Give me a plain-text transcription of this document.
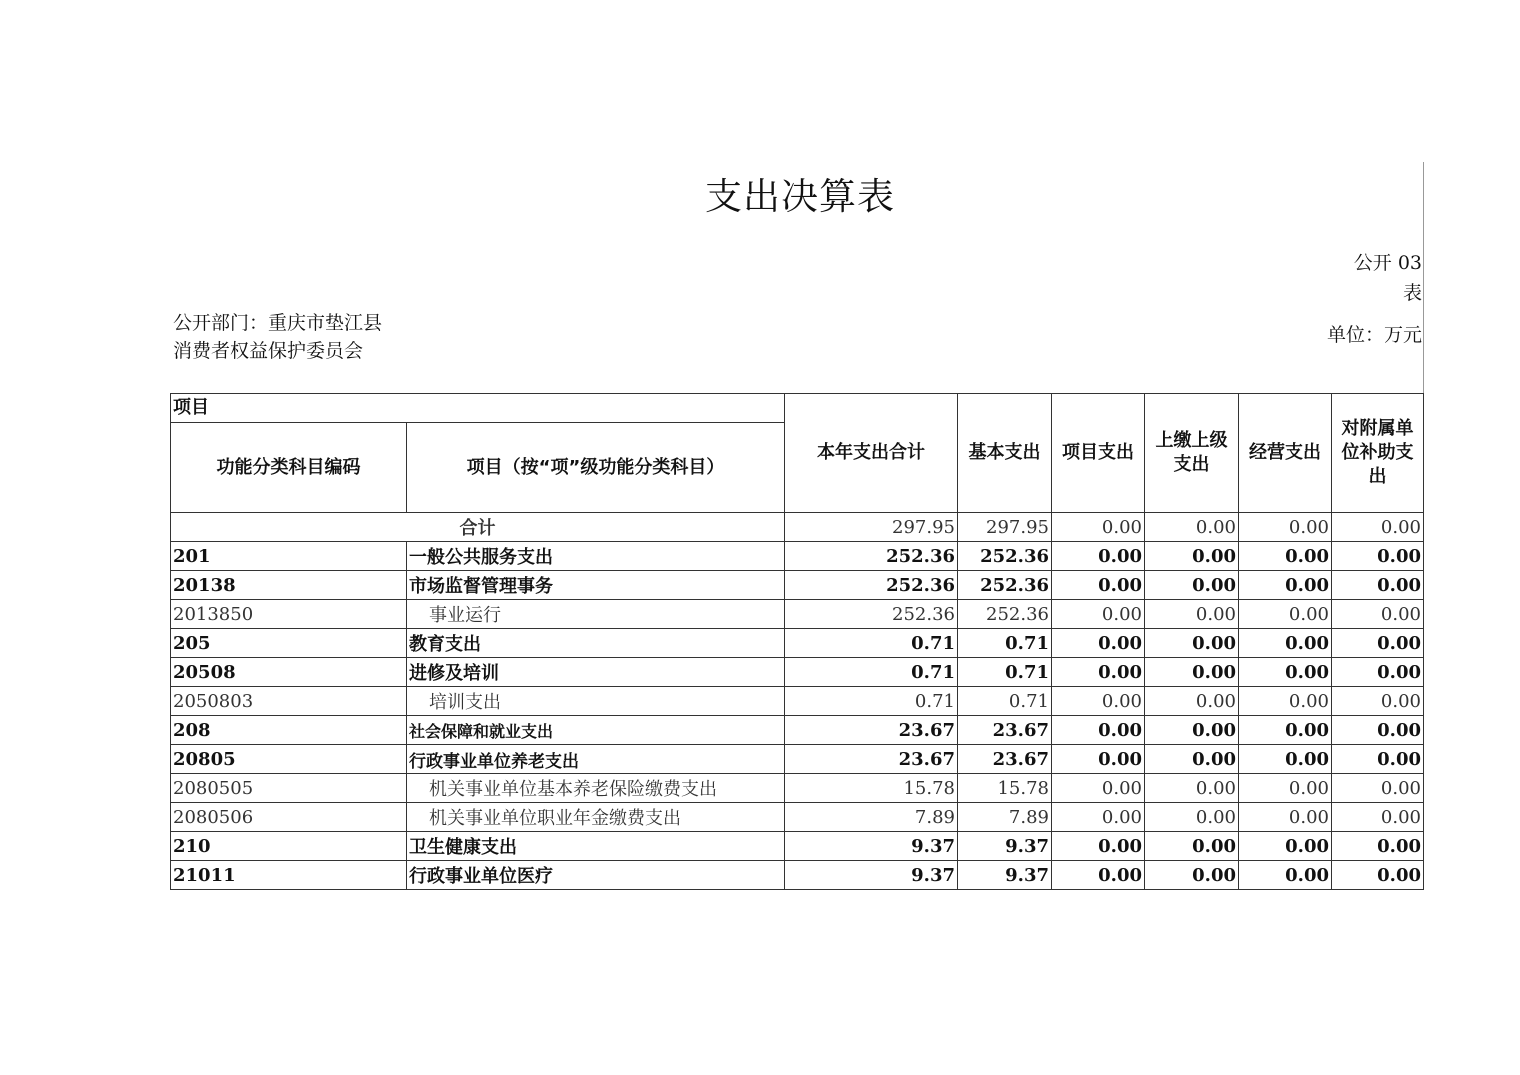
支出决算表
公开 03 表
公开部门：重庆市垫江县消费者权益保护委员会
单位：万元
项目		本年支出合计	基本支出	项目支出	上缴上级支出	经营支出	对附属单位补助支出
功能分类科目编码	项目（按“项”级功能分类科目）						
合计		297.95	297.95	0.00	0.00	0.00	0.00
201	一般公共服务支出	252.36	252.36	0.00	0.00	0.00	0.00
20138	市场监督管理事务	252.36	252.36	0.00	0.00	0.00	0.00
2013850	事业运行	252.36	252.36	0.00	0.00	0.00	0.00
205	教育支出	0.71	0.71	0.00	0.00	0.00	0.00
20508	进修及培训	0.71	0.71	0.00	0.00	0.00	0.00
2050803	培训支出	0.71	0.71	0.00	0.00	0.00	0.00
208	社会保障和就业支出	23.67	23.67	0.00	0.00	0.00	0.00
20805	行政事业单位养老支出	23.67	23.67	0.00	0.00	0.00	0.00
2080505	机关事业单位基本养老保险缴费支出	15.78	15.78	0.00	0.00	0.00	0.00
2080506	机关事业单位职业年金缴费支出	7.89	7.89	0.00	0.00	0.00	0.00
210	卫生健康支出	9.37	9.37	0.00	0.00	0.00	0.00
21011	行政事业单位医疗	9.37	9.37	0.00	0.00	0.00	0.00
